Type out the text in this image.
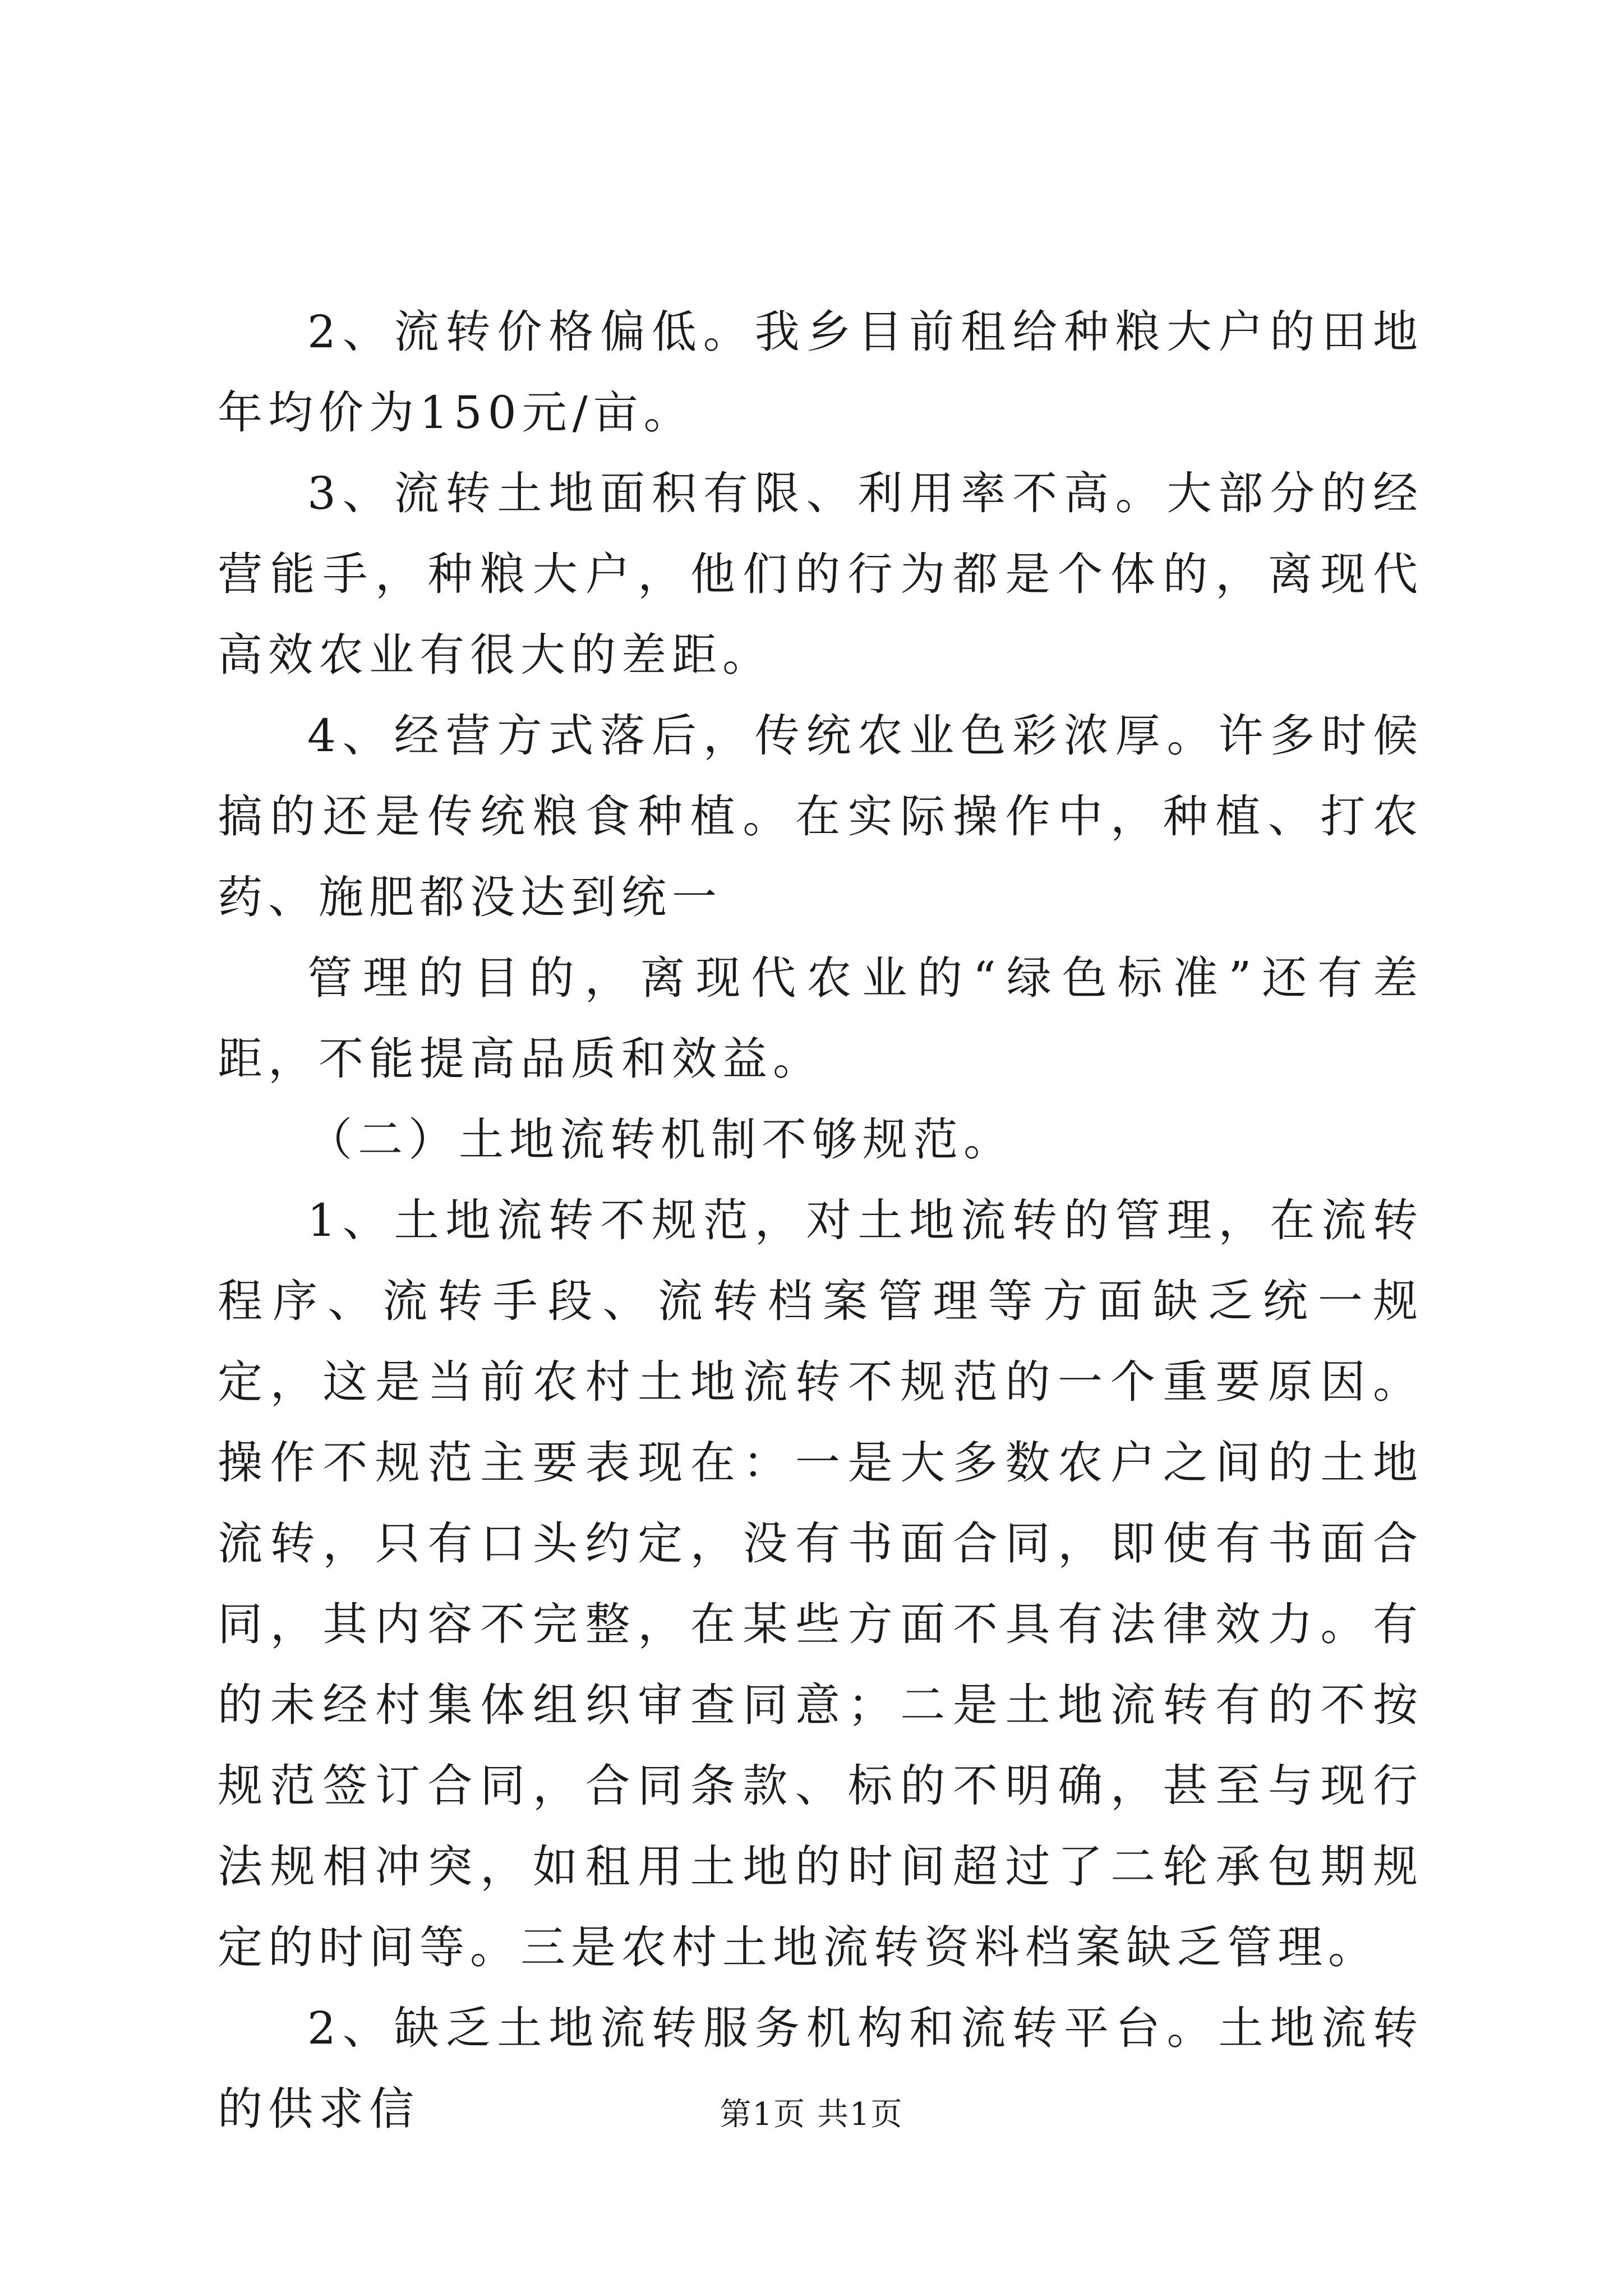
2、流转价格偏低。我乡目前租给种粮大户的田地年均价为150元/亩。

3、流转土地面积有限、利用率不高。大部分的经营能手，种粮大户，他们的行为都是个体的，离现代高效农业有很大的差距。

4、经营方式落后，传统农业色彩浓厚。许多时候搞的还是传统粮食种植。在实际操作中，种植、打农药、施肥都没达到统一

管理的目的，离现代农业的“绿色标准”还有差距，不能提高品质和效益。

（二）土地流转机制不够规范。

1、土地流转不规范，对土地流转的管理，在流转程序、流转手段、流转档案管理等方面缺乏统一规定，这是当前农村土地流转不规范的一个重要原因。操作不规范主要表现在：一是大多数农户之间的土地流转，只有口头约定，没有书面合同，即使有书面合同，其内容不完整，在某些方面不具有法律效力。有的未经村集体组织审查同意；二是土地流转有的不按规范签订合同，合同条款、标的不明确，甚至与现行法规相冲突，如租用土地的时间超过了二轮承包期规定的时间等。三是农村土地流转资料档案缺乏管理。

2、缺乏土地流转服务机构和流转平台。土地流转的供求信	第1页 共1页
